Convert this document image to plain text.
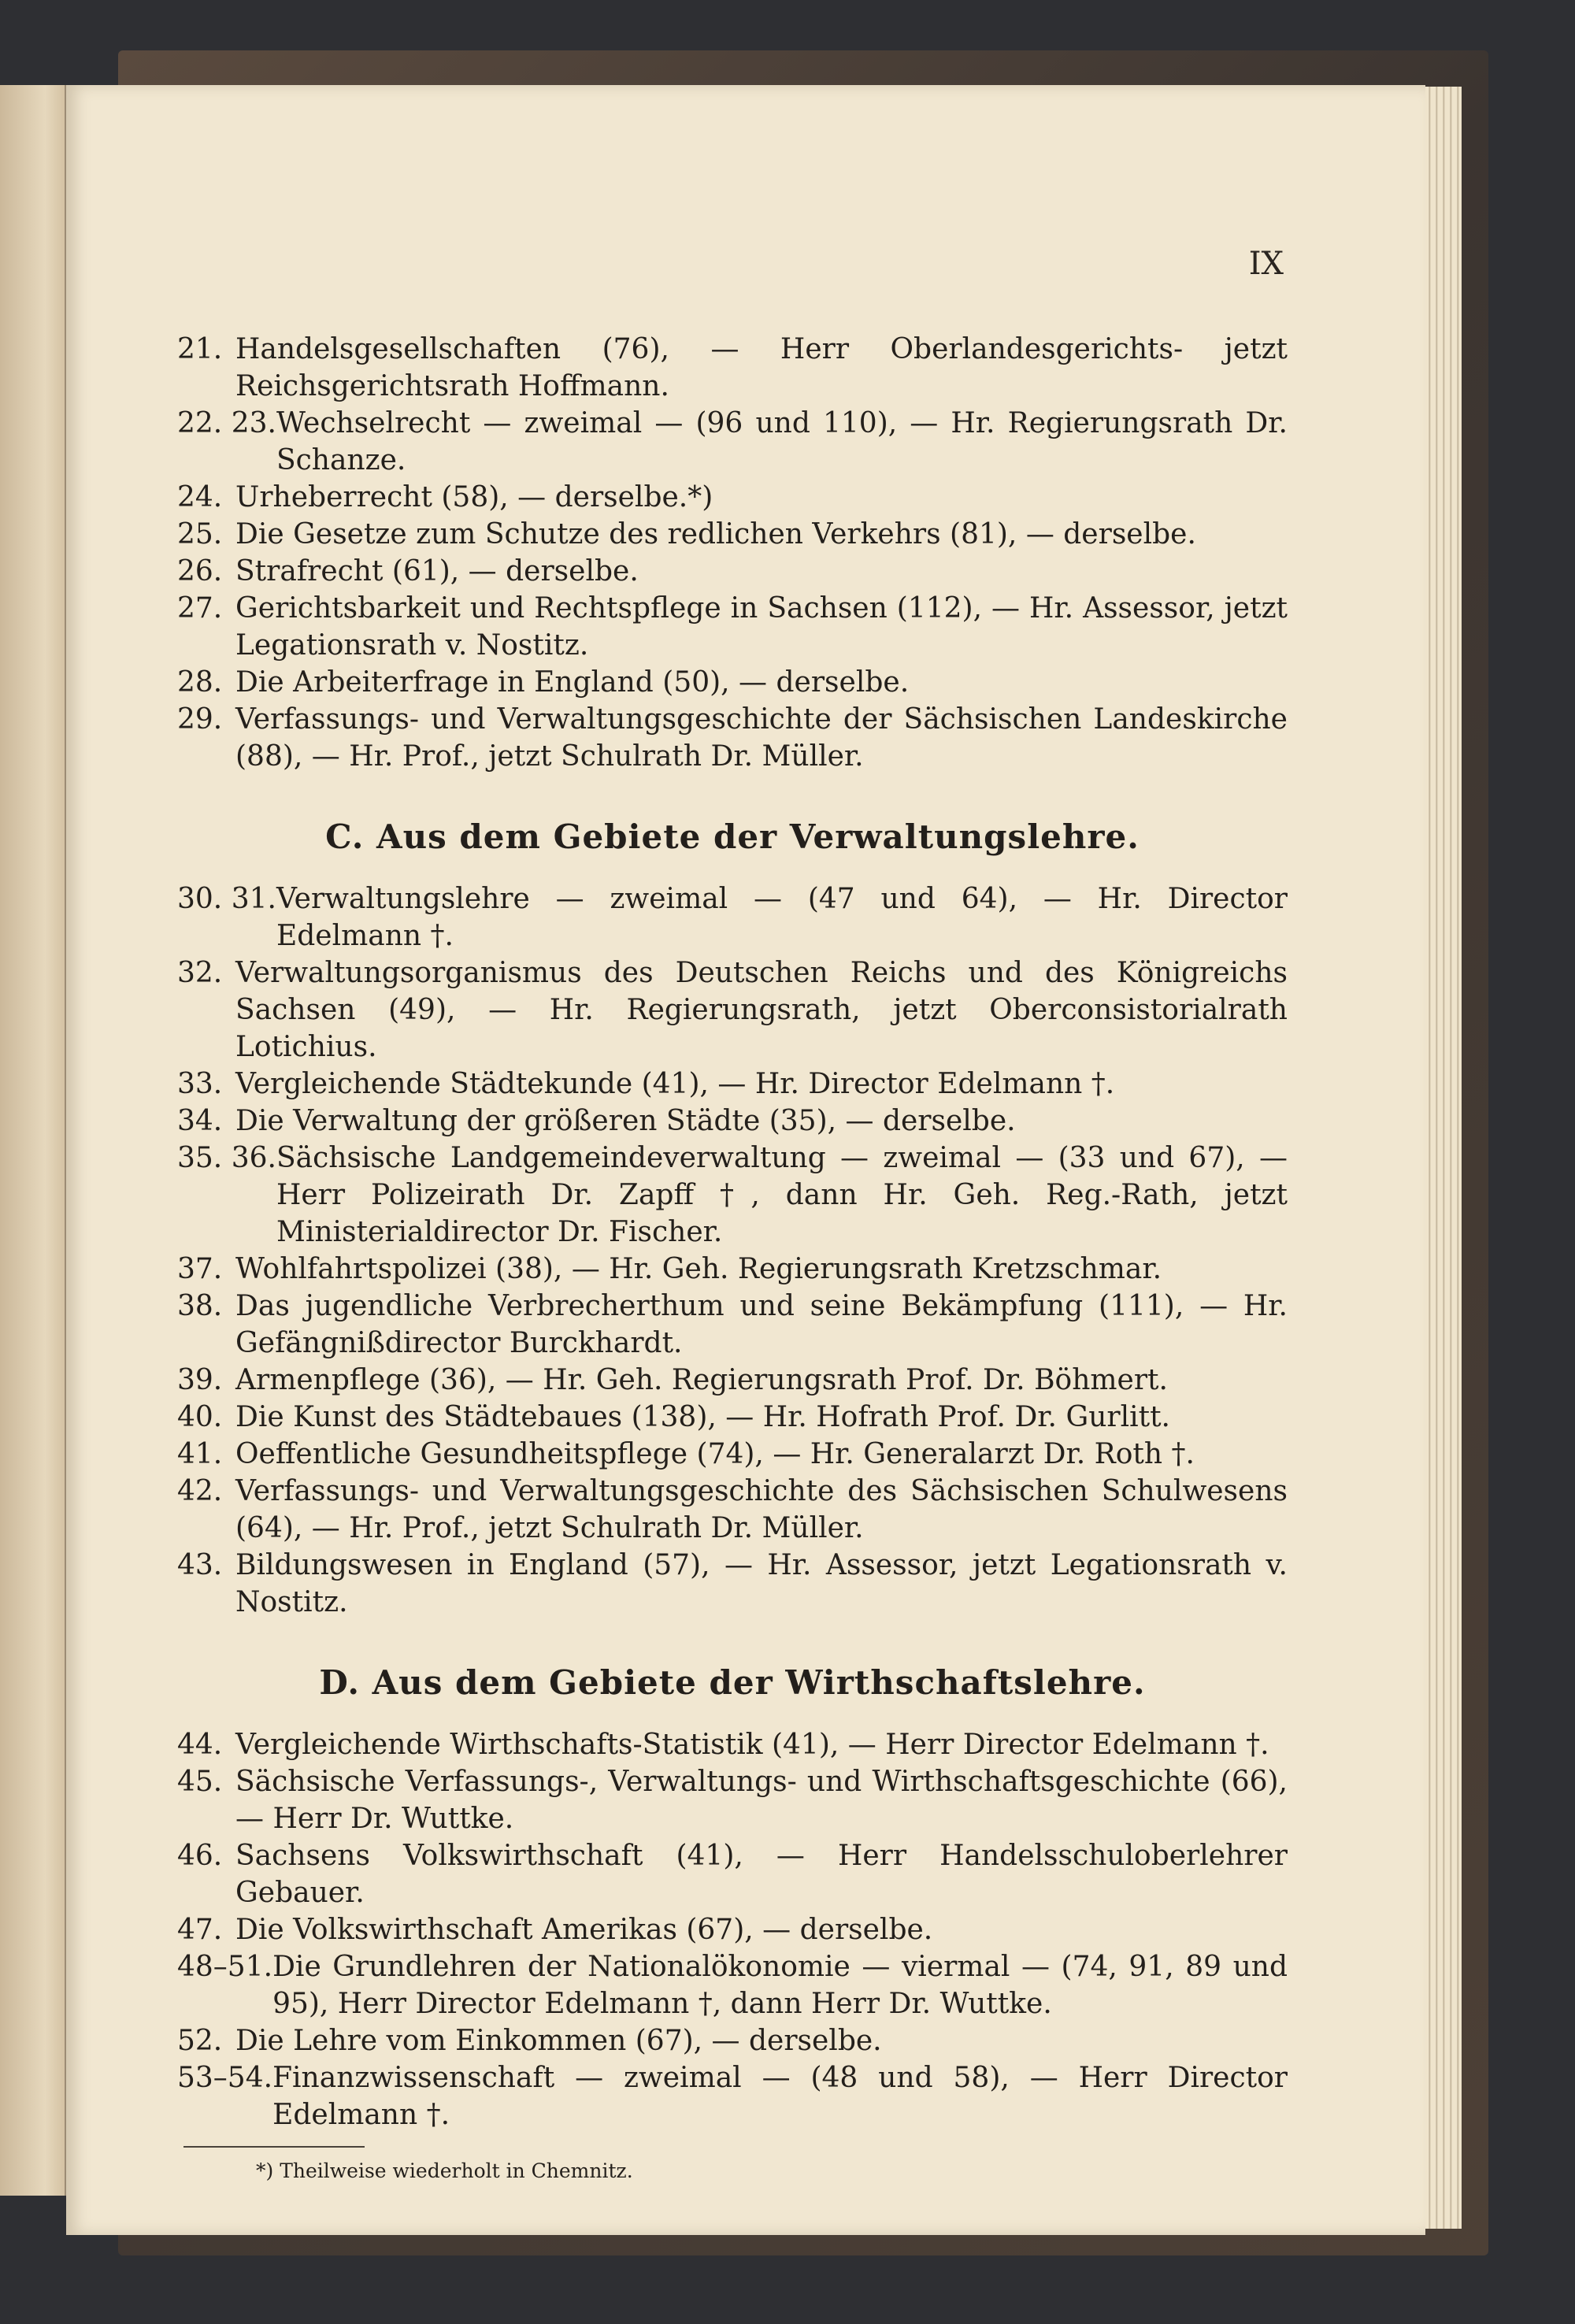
IX
21. Handelsgesellschaften (76), — Herr Oberlandesgerichts- jetzt Reichsgerichtsrath Hoffmann.
22. 23. Wechselrecht — zweimal — (96 und 110), — Hr. Regierungsrath Dr. Schanze.
24. Urheberrecht (58), — derselbe.*)
25. Die Gesetze zum Schutze des redlichen Verkehrs (81), — derselbe.
26. Strafrecht (61), — derselbe.
27. Gerichtsbarkeit und Rechtspflege in Sachsen (112), — Hr. Assessor, jetzt Legationsrath v. Nostitz.
28. Die Arbeiterfrage in England (50), — derselbe.
29. Verfassungs- und Verwaltungsgeschichte der Sächsischen Landeskirche (88), — Hr. Prof., jetzt Schulrath Dr. Müller.
C. Aus dem Gebiete der Verwaltungslehre.
30. 31. Verwaltungslehre — zweimal — (47 und 64), — Hr. Director Edelmann †.
32. Verwaltungsorganismus des Deutschen Reichs und des Königreichs Sachsen (49), — Hr. Regierungsrath, jetzt Oberconsistorialrath Lotichius.
33. Vergleichende Städtekunde (41), — Hr. Director Edelmann †.
34. Die Verwaltung der größeren Städte (35), — derselbe.
35. 36. Sächsische Landgemeindeverwaltung — zweimal — (33 und 67), — Herr Polizeirath Dr. Zapff †, dann Hr. Geh. Reg.-Rath, jetzt Ministerialdirector Dr. Fischer.
37. Wohlfahrtspolizei (38), — Hr. Geh. Regierungsrath Kretzschmar.
38. Das jugendliche Verbrecherthum und seine Bekämpfung (111), — Hr. Gefängnißdirector Burckhardt.
39. Armenpflege (36), — Hr. Geh. Regierungsrath Prof. Dr. Böhmert.
40. Die Kunst des Städtebaues (138), — Hr. Hofrath Prof. Dr. Gurlitt.
41. Oeffentliche Gesundheitspflege (74), — Hr. Generalarzt Dr. Roth †.
42. Verfassungs- und Verwaltungsgeschichte des Sächsischen Schulwesens (64), — Hr. Prof., jetzt Schulrath Dr. Müller.
43. Bildungswesen in England (57), — Hr. Assessor, jetzt Legationsrath v. Nostitz.
D. Aus dem Gebiete der Wirthschaftslehre.
44. Vergleichende Wirthschafts-Statistik (41), — Herr Director Edelmann †.
45. Sächsische Verfassungs-, Verwaltungs- und Wirthschaftsgeschichte (66), — Herr Dr. Wuttke.
46. Sachsens Volkswirthschaft (41), — Herr Handelsschuloberlehrer Gebauer.
47. Die Volkswirthschaft Amerikas (67), — derselbe.
48–51. Die Grundlehren der Nationalökonomie — viermal — (74, 91, 89 und 95), Herr Director Edelmann †, dann Herr Dr. Wuttke.
52. Die Lehre vom Einkommen (67), — derselbe.
53–54. Finanzwissenschaft — zweimal — (48 und 58), — Herr Director Edelmann †.
*) Theilweise wiederholt in Chemnitz.
